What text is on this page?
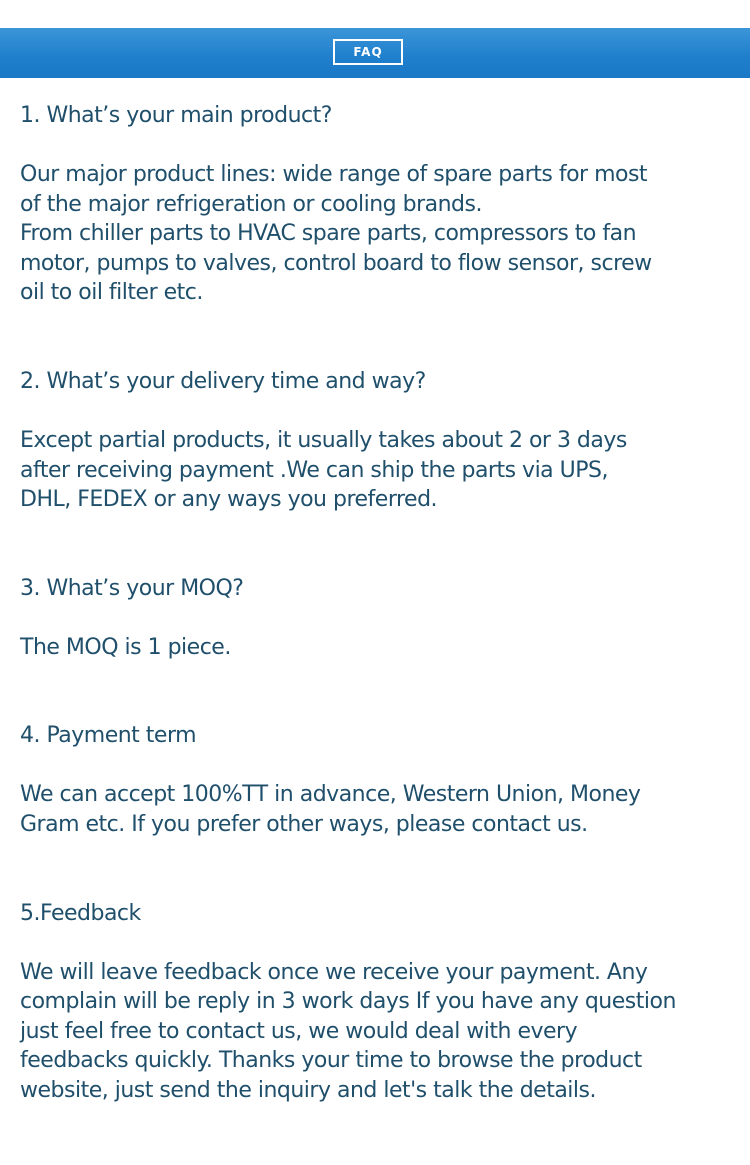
FAQ
1. What’s your main product?
Our major product lines: wide range of spare parts for most
of the major refrigeration or cooling brands.
From chiller parts to HVAC spare parts, compressors to fan
motor, pumps to valves, control board to flow sensor, screw
oil to oil filter etc.
2. What’s your delivery time and way?
Except partial products, it usually takes about 2 or 3 days
after receiving payment .We can ship the parts via UPS,
DHL, FEDEX or any ways you preferred.
3. What’s your MOQ?
The MOQ is 1 piece.
4. Payment term
We can accept 100%TT in advance, Western Union, Money
Gram etc. If you prefer other ways, please contact us.
5.Feedback
We will leave feedback once we receive your payment. Any
complain will be reply in 3 work days If you have any question
just feel free to contact us, we would deal with every
feedbacks quickly. Thanks your time to browse the product
website, just send the inquiry and let's talk the details.
